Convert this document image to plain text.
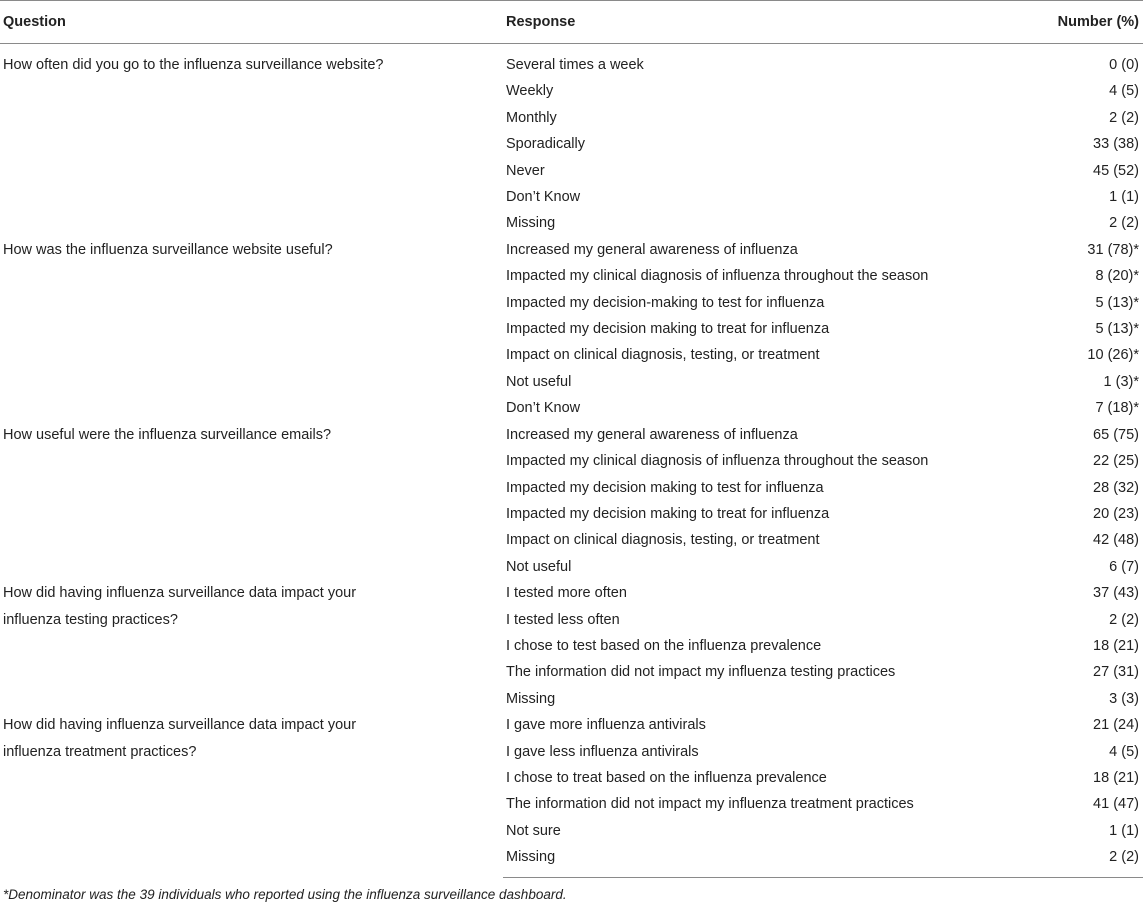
Question	Response	Number (%)

How often did you go to the influenza surveillance website?	Several times a week	0 (0)
	Weekly	4 (5)
	Monthly	2 (2)
	Sporadically	33 (38)
	Never	45 (52)
	Don’t Know	1 (1)
	Missing	2 (2)

How was the influenza surveillance website useful?	Increased my general awareness of influenza	31 (78)*
	Impacted my clinical diagnosis of influenza throughout the season	8 (20)*
	Impacted my decision-making to test for influenza	5 (13)*
	Impacted my decision making to treat for influenza	5 (13)*
	Impact on clinical diagnosis, testing, or treatment	10 (26)*
	Not useful	1 (3)*
	Don’t Know	7 (18)*

How useful were the influenza surveillance emails?	Increased my general awareness of influenza	65 (75)
	Impacted my clinical diagnosis of influenza throughout the season	22 (25)
	Impacted my decision making to test for influenza	28 (32)
	Impacted my decision making to treat for influenza	20 (23)
	Impact on clinical diagnosis, testing, or treatment	42 (48)
	Not useful	6 (7)

How did having influenza surveillance data impact your
influenza testing practices?	I tested more often	37 (43)
	I tested less often	2 (2)
	I chose to test based on the influenza prevalence	18 (21)
	The information did not impact my influenza testing practices	27 (31)
	Missing	3 (3)

How did having influenza surveillance data impact your
influenza treatment practices?	I gave more influenza antivirals	21 (24)
	I gave less influenza antivirals	4 (5)
	I chose to treat based on the influenza prevalence	18 (21)
	The information did not impact my influenza treatment practices	41 (47)
	Not sure	1 (1)
	Missing	2 (2)
*Denominator was the 39 individuals who reported using the influenza surveillance dashboard.
